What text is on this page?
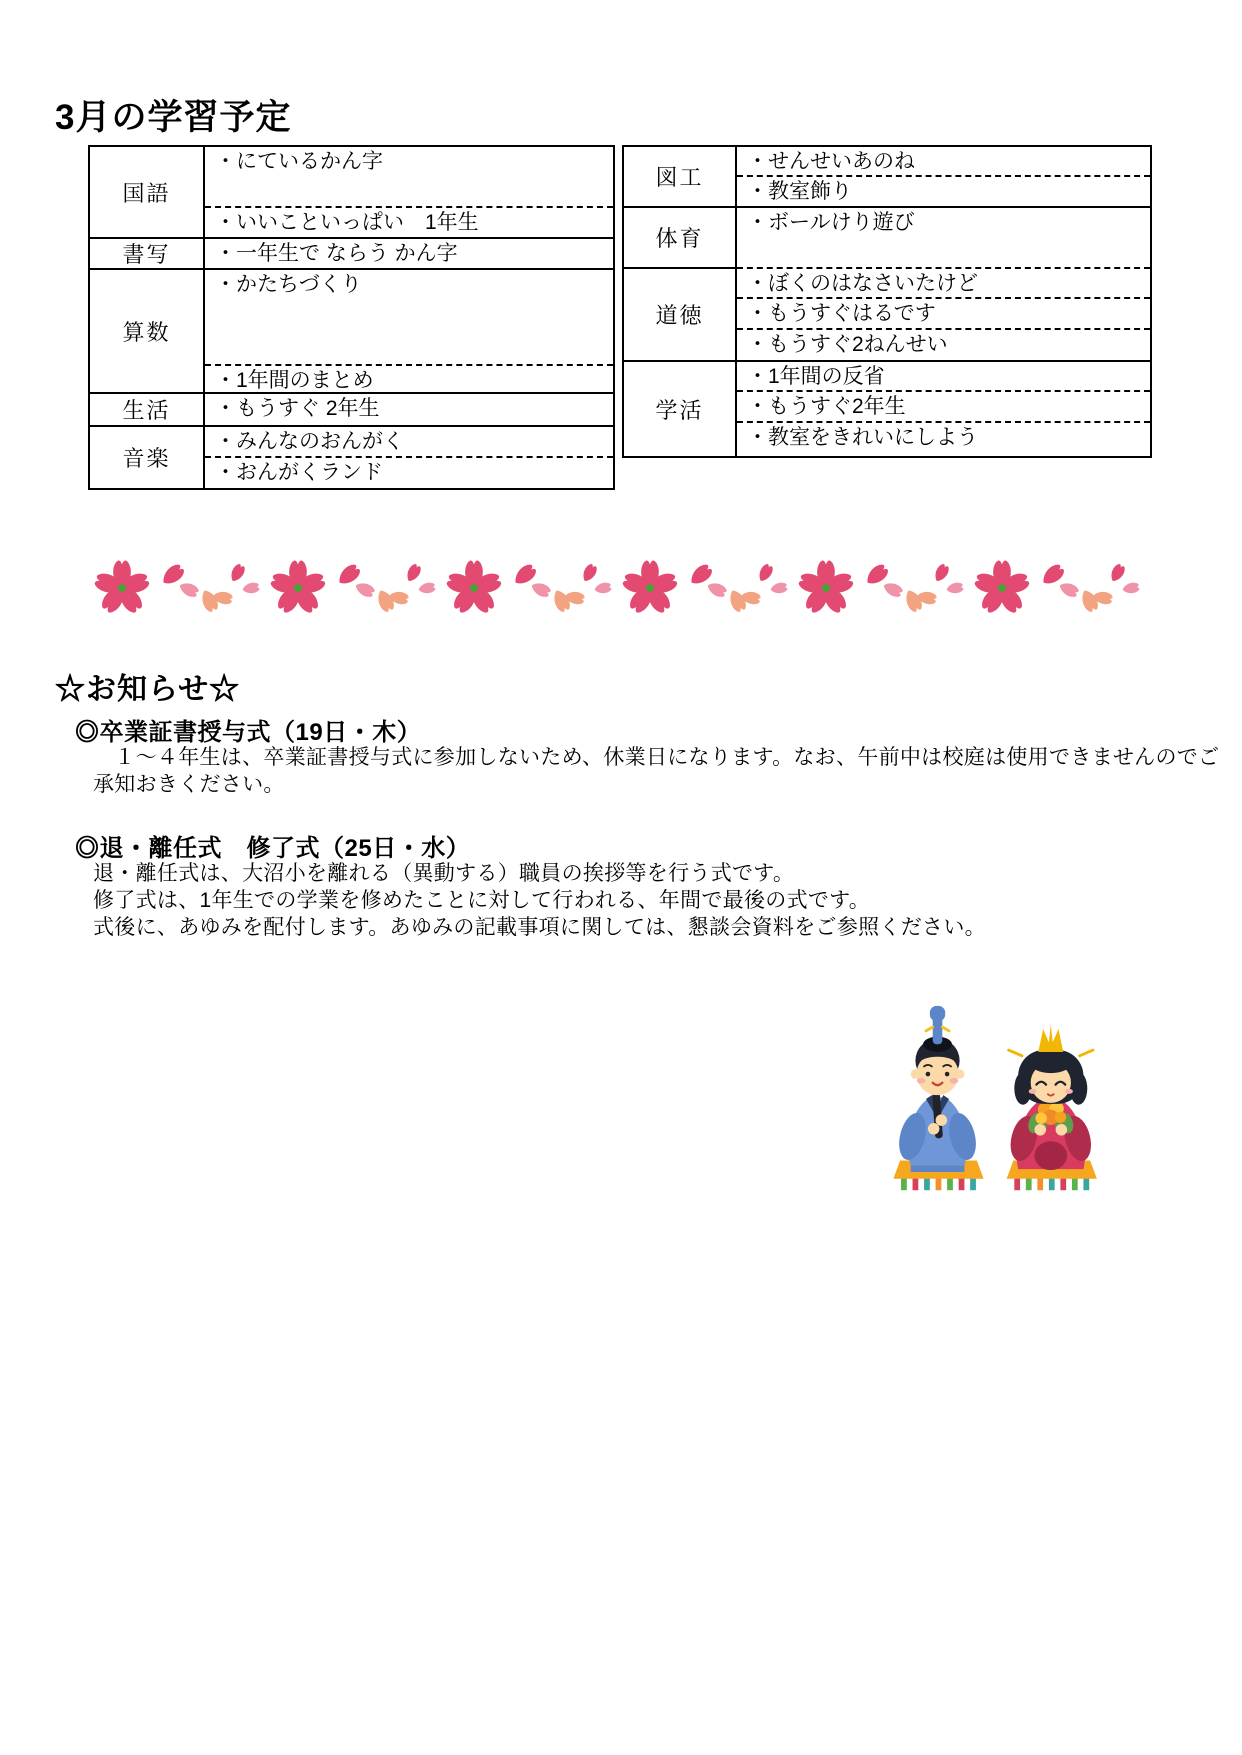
3月の学習予定
国語
・にているかん字
・いいこといっぱい　1年生
書写	・一年生で ならう かん字
算数
・かたちづくり
・1年間のまとめ
生活	・もうすぐ 2年生
音楽
・みんなのおんがく
・おんがくランド
図工
・せんせいあのね
・教室飾り
体育
・ボールけり遊び
道徳
・ぼくのはなさいたけど
・もうすぐはるです
・もうすぐ2ねんせい
学活
・1年間の反省
・もうすぐ2年生
・教室をきれいにしよう
☆お知らせ☆
◎卒業証書授与式（19日・木）
　１～４年生は、卒業証書授与式に参加しないため、休業日になります。なお、午前中は校庭は使用できませんのでご
承知おきください。
◎退・離任式　修了式（25日・水）
退・離任式は、大沼小を離れる（異動する）職員の挨拶等を行う式です。
修了式は、1年生での学業を修めたことに対して行われる、年間で最後の式です。
式後に、あゆみを配付します。あゆみの記載事項に関しては、懇談会資料をご参照ください。
